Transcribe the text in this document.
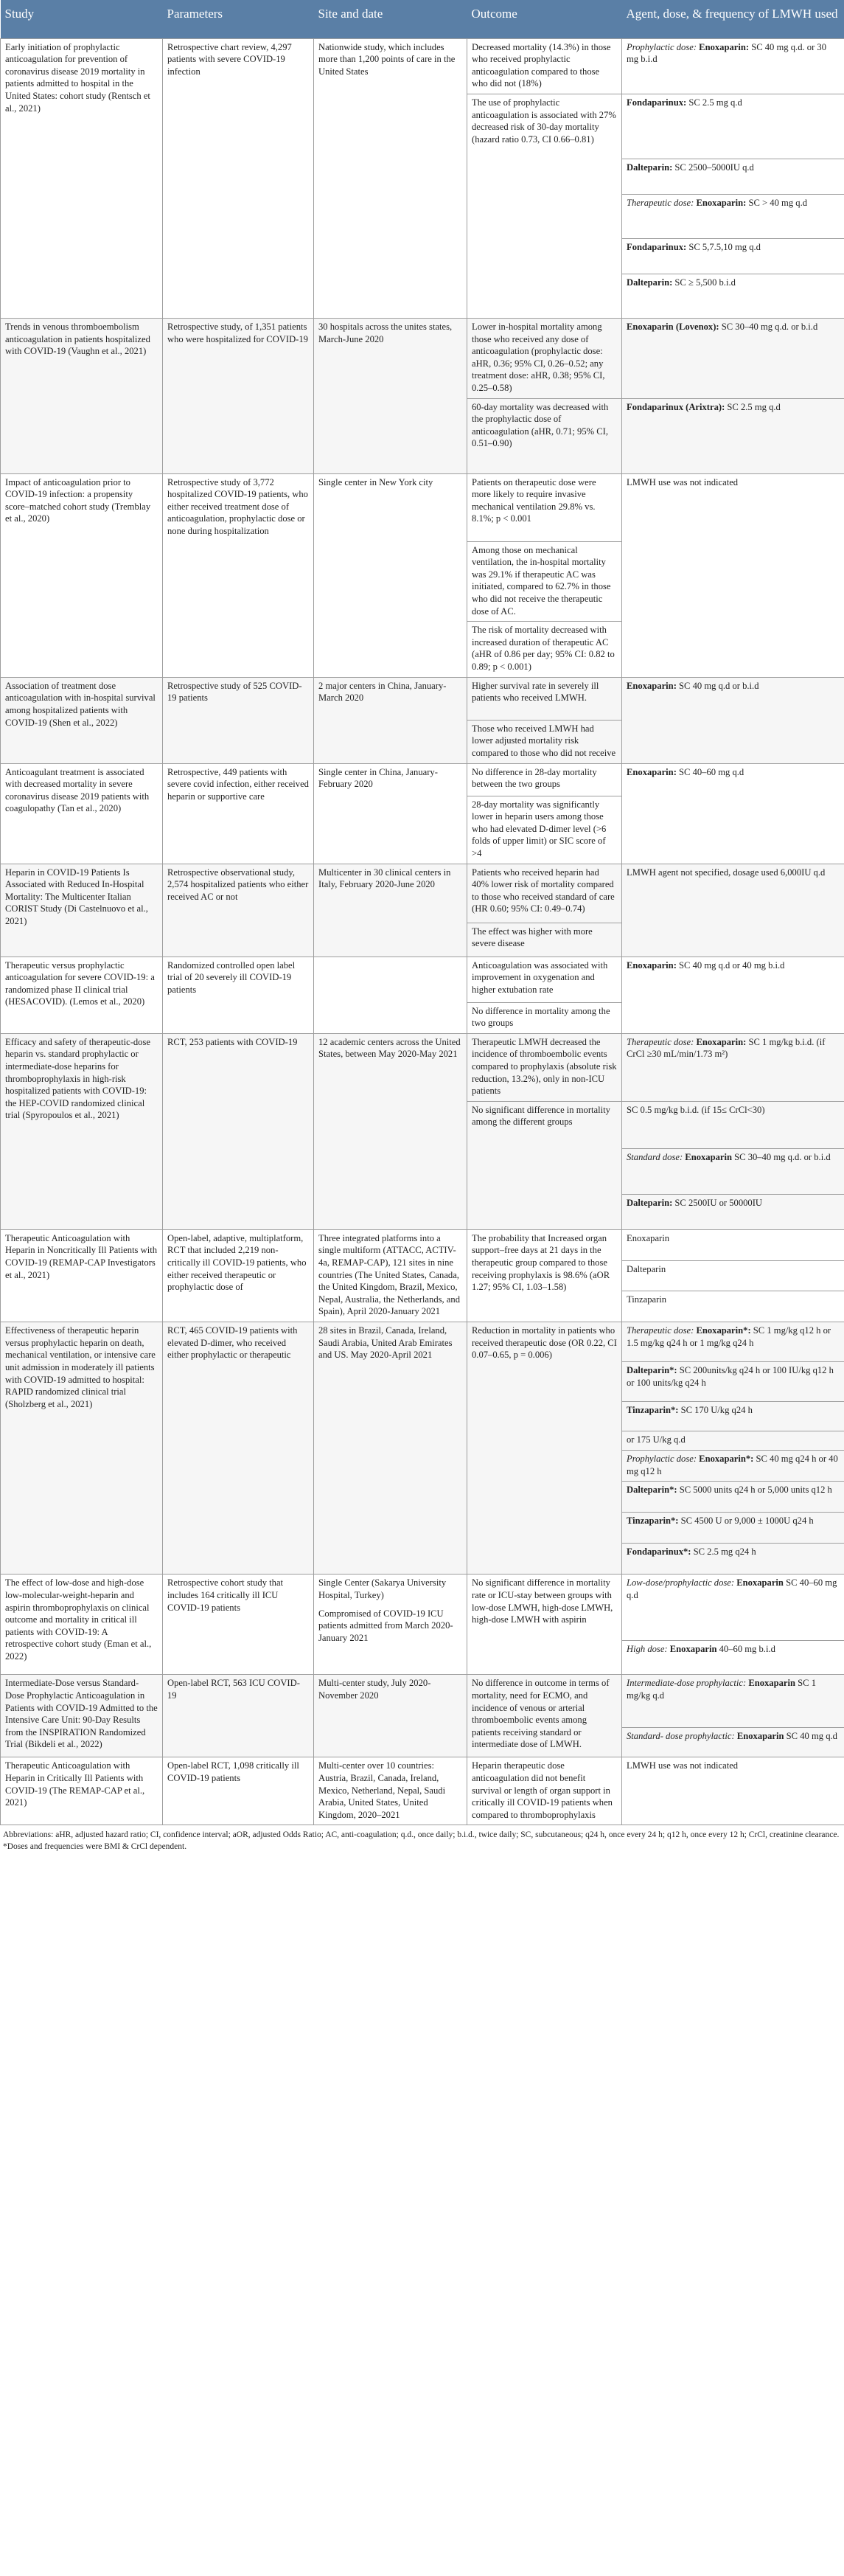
Study	Parameters	Site and date	Outcome	Agent, dose, & frequency of LMWH used
Early initiation of prophylactic anticoagulation for prevention of coronavirus disease 2019 mortality in patients admitted to hospital in the United States: cohort study (Rentsch et al., 2021)	Retrospective chart review, 4,297 patients with severe COVID-19 infection	Nationwide study, which includes more than 1,200 points of care in the United States	Decreased mortality (14.3%) in those who received prophylactic anticoagulation compared to those who did not (18%)	Prophylactic dose: Enoxaparin: SC 40 mg q.d. or 30 mg b.i.d
			The use of prophylactic anticoagulation is associated with 27% decreased risk of 30-day mortality (hazard ratio 0.73, CI 0.66–0.81)	Fondaparinux: SC 2.5 mg q.d
				Dalteparin: SC 2500–5000IU q.d
				Therapeutic dose: Enoxaparin: SC > 40 mg q.d
				Fondaparinux: SC 5,7.5,10 mg q.d
				Dalteparin: SC ≥ 5,500 b.i.d
Trends in venous thromboembolism anticoagulation in patients hospitalized with COVID-19 (Vaughn et al., 2021)	Retrospective study, of 1,351 patients who were hospitalized for COVID-19	30 hospitals across the unites states, March-June 2020	Lower in-hospital mortality among those who received any dose of anticoagulation (prophylactic dose: aHR, 0.36; 95% CI, 0.26–0.52; any treatment dose: aHR, 0.38; 95% CI, 0.25–0.58)	Enoxaparin (Lovenox): SC 30–40 mg q.d. or b.i.d
			60-day mortality was decreased with the prophylactic dose of anticoagulation (aHR, 0.71; 95% CI, 0.51–0.90)	Fondaparinux (Arixtra): SC 2.5 mg q.d
Impact of anticoagulation prior to COVID-19 infection: a propensity score–matched cohort study (Tremblay et al., 2020)	Retrospective study of 3,772 hospitalized COVID-19 patients, who either received treatment dose of anticoagulation, prophylactic dose or none during hospitalization	Single center in New York city	Patients on therapeutic dose were more likely to require invasive mechanical ventilation 29.8% vs. 8.1%; p < 0.001	LMWH use was not indicated
			Among those on mechanical ventilation, the in-hospital mortality was 29.1% if therapeutic AC was initiated, compared to 62.7% in those who did not receive the therapeutic dose of AC.	
			The risk of mortality decreased with increased duration of therapeutic AC (aHR of 0.86 per day; 95% CI: 0.82 to 0.89; p < 0.001)	
Association of treatment dose anticoagulation with in-hospital survival among hospitalized patients with COVID-19 (Shen et al., 2022)	Retrospective study of 525 COVID-19 patients	2 major centers in China, January-March 2020	Higher survival rate in severely ill patients who received LMWH.	Enoxaparin: SC 40 mg q.d or b.i.d
			Those who received LMWH had lower adjusted mortality risk compared to those who did not receive	
Anticoagulant treatment is associated with decreased mortality in severe coronavirus disease 2019 patients with coagulopathy (Tan et al., 2020)	Retrospective, 449 patients with severe covid infection, either received heparin or supportive care	Single center in China, January-February 2020	No difference in 28-day mortality between the two groups	Enoxaparin: SC 40–60 mg q.d
			28-day mortality was significantly lower in heparin users among those who had elevated D-dimer level (>6 folds of upper limit) or SIC score of >4	
Heparin in COVID-19 Patients Is Associated with Reduced In-Hospital Mortality: The Multicenter Italian CORIST Study (Di Castelnuovo et al., 2021)	Retrospective observational study, 2,574 hospitalized patients who either received AC or not	Multicenter in 30 clinical centers in Italy, February 2020-June 2020	Patients who received heparin had 40% lower risk of mortality compared to those who received standard of care (HR 0.60; 95% CI: 0.49–0.74)	LMWH agent not specified, dosage used 6,000IU q.d
			The effect was higher with more severe disease	
Therapeutic versus prophylactic anticoagulation for severe COVID-19: a randomized phase II clinical trial (HESACOVID). (Lemos et al., 2020)	Randomized controlled open label trial of 20 severely ill COVID-19 patients		Anticoagulation was associated with improvement in oxygenation and higher extubation rate	Enoxaparin: SC 40 mg q.d or 40 mg b.i.d
			No difference in mortality among the two groups	
Efficacy and safety of therapeutic-dose heparin vs. standard prophylactic or intermediate-dose heparins for thromboprophylaxis in high-risk hospitalized patients with COVID-19: the HEP-COVID randomized clinical trial (Spyropoulos et al., 2021)	RCT, 253 patients with COVID-19	12 academic centers across the United States, between May 2020-May 2021	Therapeutic LMWH decreased the incidence of thromboembolic events compared to prophylaxis (absolute risk reduction, 13.2%), only in non-ICU patients	Therapeutic dose: Enoxaparin: SC 1 mg/kg b.i.d. (if CrCl ≥30 mL/min/1.73 m²)
			No significant difference in mortality among the different groups	SC 0.5 mg/kg b.i.d. (if 15≤ CrCl<30)
				Standard dose: Enoxaparin SC 30–40 mg q.d. or b.i.d
				Dalteparin: SC 2500IU or 50000IU
Therapeutic Anticoagulation with Heparin in Noncritically Ill Patients with COVID-19 (REMAP-CAP Investigators et al., 2021)	Open-label, adaptive, multiplatform, RCT that included 2,219 non-critically ill COVID-19 patients, who either received therapeutic or prophylactic dose of	Three integrated platforms into a single multiform (ATTACC, ACTIV-4a, REMAP-CAP), 121 sites in nine countries (The United States, Canada, the United Kingdom, Brazil, Mexico, Nepal, Australia, the Netherlands, and Spain), April 2020-January 2021	The probability that Increased organ support–free days at 21 days in the therapeutic group compared to those receiving prophylaxis is 98.6% (aOR 1.27; 95% CI, 1.03–1.58)	Enoxaparin
				Dalteparin
				Tinzaparin
Effectiveness of therapeutic heparin versus prophylactic heparin on death, mechanical ventilation, or intensive care unit admission in moderately ill patients with COVID-19 admitted to hospital: RAPID randomized clinical trial (Sholzberg et al., 2021)	RCT, 465 COVID-19 patients with elevated D-dimer, who received either prophylactic or therapeutic	28 sites in Brazil, Canada, Ireland, Saudi Arabia, United Arab Emirates and US. May 2020-April 2021	Reduction in mortality in patients who received therapeutic dose (OR 0.22, CI 0.07–0.65, p = 0.006)	Therapeutic dose: Enoxaparin*: SC 1 mg/kg q12 h or 1.5 mg/kg q24 h or 1 mg/kg q24 h
				Dalteparin*: SC 200units/kg q24 h or 100 IU/kg q12 h or 100 units/kg q24 h
				Tinzaparin*: SC 170 U/kg q24 h
				or 175 U/kg q.d
				Prophylactic dose: Enoxaparin*: SC 40 mg q24 h or 40 mg q12 h
				Dalteparin*: SC 5000 units q24 h or 5,000 units q12 h
				Tinzaparin*: SC 4500 U or 9,000 ± 1000U q24 h
				Fondaparinux*: SC 2.5 mg q24 h
The effect of low-dose and high-dose low-molecular-weight-heparin and aspirin thromboprophylaxis on clinical outcome and mortality in critical ill patients with COVID-19: A retrospective cohort study (Eman et al., 2022)	Retrospective cohort study that includes 164 critically ill ICU COVID-19 patients	Single Center (Sakarya University Hospital, Turkey)
Compromised of COVID-19 ICU patients admitted from March 2020-January 2021	No significant difference in mortality rate or ICU-stay between groups with low-dose LMWH, high-dose LMWH, high-dose LMWH with aspirin	Low-dose/prophylactic dose: Enoxaparin SC 40–60 mg q.d
				High dose: Enoxaparin 40–60 mg b.i.d
Intermediate-Dose versus Standard-Dose Prophylactic Anticoagulation in Patients with COVID-19 Admitted to the Intensive Care Unit: 90-Day Results from the INSPIRATION Randomized Trial (Bikdeli et al., 2022)	Open-label RCT, 563 ICU COVID-19	Multi-center study, July 2020-November 2020	No difference in outcome in terms of mortality, need for ECMO, and incidence of venous or arterial thromboembolic events among patients receiving standard or intermediate dose of LMWH.	Intermediate-dose prophylactic: Enoxaparin SC 1 mg/kg q.d
				Standard- dose prophylactic: Enoxaparin SC 40 mg q.d
Therapeutic Anticoagulation with Heparin in Critically Ill Patients with COVID-19 (The REMAP-CAP et al., 2021)	Open-label RCT, 1,098 critically ill COVID-19 patients	Multi-center over 10 countries: Austria, Brazil, Canada, Ireland, Mexico, Netherland, Nepal, Saudi Arabia, United States, United Kingdom, 2020–2021	Heparin therapeutic dose anticoagulation did not benefit survival or length of organ support in critically ill COVID-19 patients when compared to thromboprophylaxis	LMWH use was not indicated
Abbreviations: aHR, adjusted hazard ratio; CI, confidence interval; aOR, adjusted Odds Ratio; AC, anti-coagulation; q.d., once daily; b.i.d., twice daily; SC, subcutaneous; q24 h, once every 24 h; q12 h, once every 12 h; CrCl, creatinine clearance.
*Doses and frequencies were BMI & CrCl dependent.
